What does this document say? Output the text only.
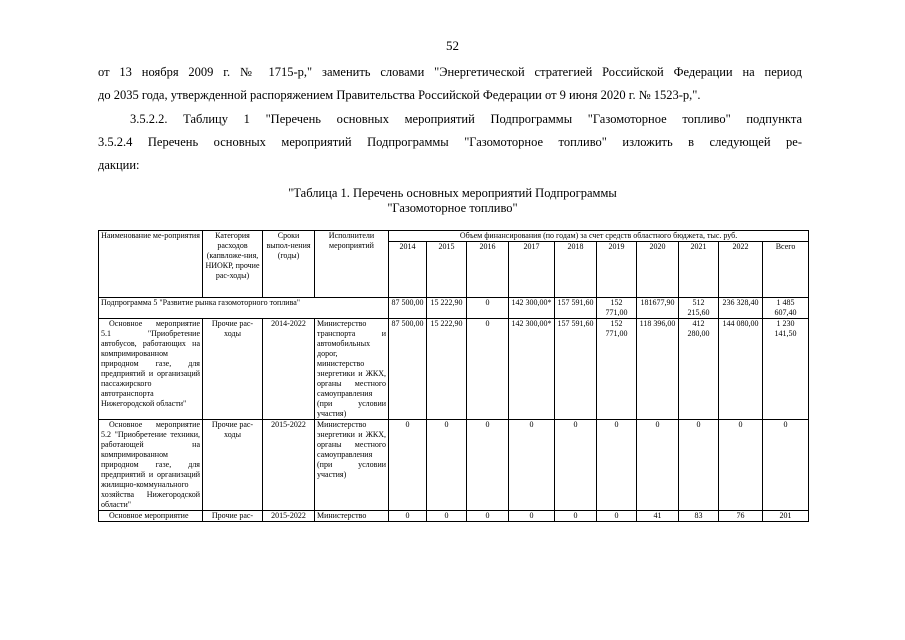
52
от 13 ноября 2009 г. № 1715-р," заменить словами "Энергетической стратегией Российской Федерации на период
до 2035 года, утвержденной распоряжением Правительства Российской Федерации от 9 июня 2020 г. № 1523-р,".
3.5.2.2. Таблицу 1 "Перечень основных мероприятий Подпрограммы "Газомоторное топливо" подпункта
3.5.2.4 Перечень основных мероприятий Подпрограммы "Газомоторное топливо" изложить в следующей ре-
дакции:
"Таблица 1. Перечень основных мероприятий Подпрограммы
"Газомоторное топливо"
Наименование ме-роприятия	Категория расходов (капвложе-ния, НИОКР, прочие рас-ходы)	Сроки выпол-нения (годы)	Исполнители мероприятий	Объем финансирования (по годам) за счет средств областного бюджета, тыс. руб.									
				2014	2015	2016	2017	2018	2019	2020	2021	2022	Всего
Подпрограмма 5 "Развитие рынка газомоторного топлива"				87 500,00	15 222,90	0	142 300,00*	157 591,60	152 771,00	181677,90	512 215,60	236 328,40	1 485 607,40
Основное мероприятие 5.1 "Приобретение автобусов, работающих на компримированном природном газе, для предприятий и организаций пассажирского автотранспорта Нижегородской области"	Прочие рас-ходы	2014-2022	Министерство транспорта и автомобильных дорог, министерство энергетики и ЖКХ, органы местного самоуправления (при условии участия)	87 500,00	15 222,90	0	142 300,00*	157 591,60	152 771,00	118 396,00	412 280,00	144 080,00	1 230 141,50
Основное мероприятие 5.2 "Приобретение техники, работающей на компримированном природном газе, для предприятий и организаций жилищно-коммунального хозяйства Нижегородской области"	Прочие рас-ходы	2015-2022	Министерство энергетики и ЖКХ, органы местного самоуправления (при условии участия)	0	0	0	0	0	0	0	0	0	0
Основное мероприятие	Прочие рас-	2015-2022	Министерство	0	0	0	0	0	0	41	83	76	201
